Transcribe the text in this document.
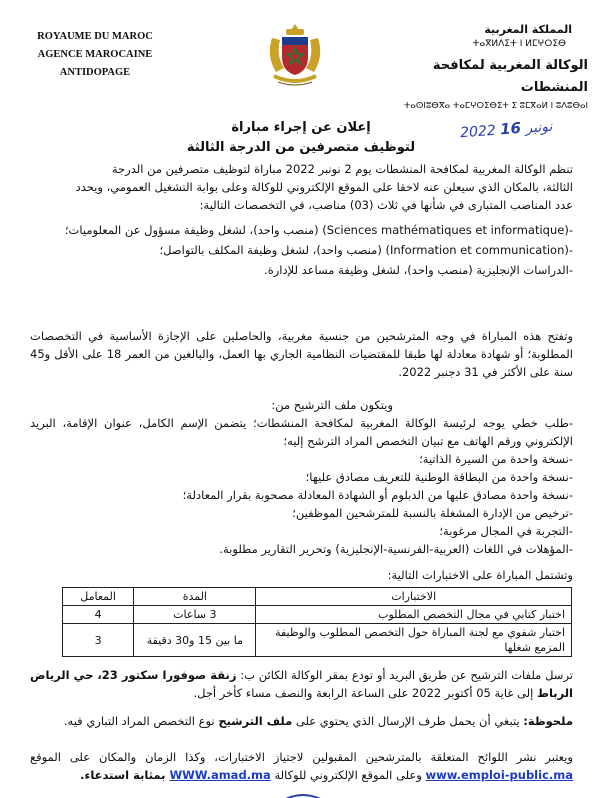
ROYAUME DU MAROC
AGENCE MAROCAINE ANTIDOPAGE
المملكة المغربية
ⵜⴰⴳⵍⴷⵉⵜ ⵏ ⵍⵎⵖⵔⵉⴱ
الوكالة المغربية لمكافحة المنشطات
ⵜⴰⵙⵏⵓⴱⴳⴰ ⵜⴰⵎⵖⵔⵉⴱⵉⵜ ⵉ ⵓⵎⴳⴰⵍ ⵏ ⵓⴷⵓⴱⴰⵏ
2022 نونبر 16
إعلان عن إجراء مباراة
لتوظيف متصرفين من الدرجة الثالثة
تنظم الوكالة المغربية لمكافحة المنشطات يوم 2 نونبر 2022 مباراة لتوظيف متصرفين من الدرجة
الثالثة، بالمكان الذي سيعلن عنه لاحقا على الموقع الإلكتروني للوكالة وعلى بوابة التشغيل العمومي، ويحدد
عدد المناصب المتبارى في شأنها في ثلاث (03) مناصب، في التخصصات التالية:
-(Sciences mathématiques et informatique) (منصب واحد)، لشغل وظيفة مسؤول عن المعلوميات؛
-(Information et communication) (منصب واحد)، لشغل وظيفة المكلف بالتواصل؛
-الدراسات الإنجليزية (منصب واحد)، لشغل وظيفة مساعد للإدارة.
وتفتح هذه المباراة في وجه المترشحين من جنسية مغربية، والحاصلين على الإجازة الأساسية في التخصصات المطلوبة؛ أو شهادة معادلة لها طبقا للمقتضيات النظامية الجاري بها العمل، والبالغين من العمر 18 على الأقل و45 سنة على الأكثر في 31 دجنبر 2022.
ويتكون ملف الترشيح من:
-طلب خطي يوجه لرئيسة الوكالة المغربية لمكافحة المنشطات؛ يتضمن الإسم الكامل، عنوان الإقامة، البريد الإلكتروني ورقم الهاتف مع تبيان التخصص المراد الترشح إليه؛
-نسخة واحدة من السيرة الذاتية؛
-نسخة واحدة من البطاقة الوطنية للتعريف مصادق عليها؛
-نسخة واحدة مصادق عليها من الدبلوم أو الشهادة المعادلة مصحوبة بقرار المعادلة؛
-ترخيص من الإدارة المشغلة بالنسبة للمترشحين الموظفين؛
-التجربة في المجال مرغوبة؛
-المؤهلات في اللغات (العربية-الفرنسية-الإنجليزية) وتحرير التقارير مطلوبة.
وتشتمل المباراة على الاختبارات التالية:
الاختبارات	المدة	المعامل
اختبار كتابي في مجال التخصص المطلوب	3 ساعات	4
اختبار شفوي مع لجنة المباراة حول التخصص المطلوب والوظيفة المزمع شغلها	ما بين 15 و30 دقيقة	3
ترسل ملفات الترشيح عن طريق البريد أو تودع بمقر الوكالة الكائن ب: زنقة صوفورا سكتور 23، حي الرياض الرباط إلى غاية 05 أكتوبر 2022 على الساعة الرابعة والنصف مساء كأخر أجل.
ملحوظة: يتبغي أن يحمل طرف الإرسال الذي يحتوي على ملف الترشيح نوع التخصص المراد التباري فيه.
ويعتبر نشر اللوائح المتعلقة بالمترشحين المقبولين لاجتياز الاختبارات، وكذا الزمان والمكان على الموقع www.emploi-public.ma وعلى الموقع الإلكتروني للوكالة WWW.amad.ma بمثابة استدعاء.
